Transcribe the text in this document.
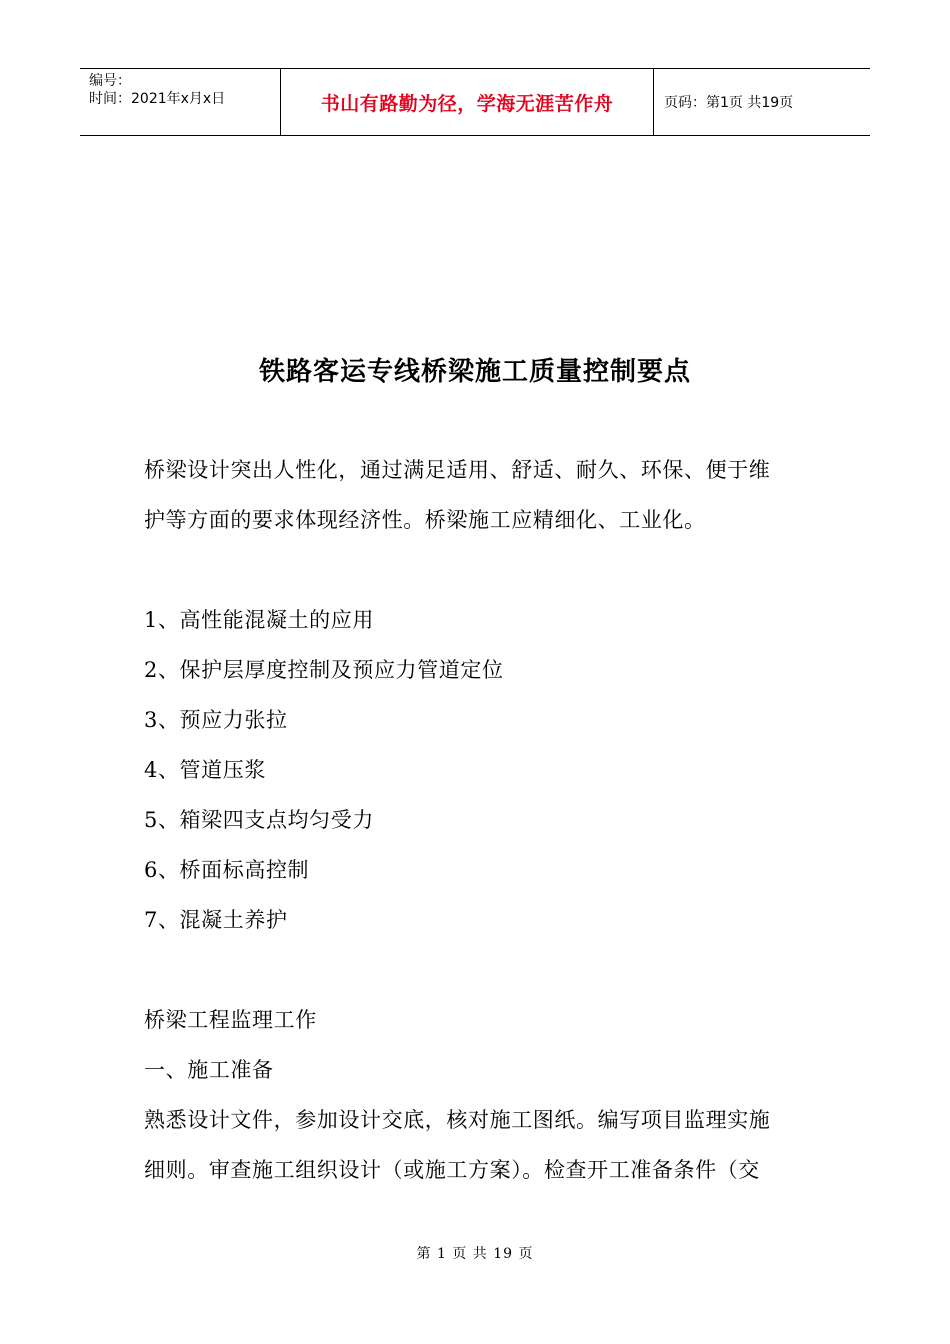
编号：
时间：2021年x月x日	书山有路勤为径，学海无涯苦作舟	页码：第1页 共19页
铁路客运专线桥梁施工质量控制要点
桥梁设计突出人性化，通过满足适用、舒适、耐久、环保、便于维
护等方面的要求体现经济性。桥梁施工应精细化、工业化。
1、高性能混凝土的应用
2、保护层厚度控制及预应力管道定位
3、预应力张拉
4、管道压浆
5、箱梁四支点均匀受力
6、桥面标高控制
7、混凝土养护
桥梁工程监理工作
一、施工准备
熟悉设计文件，参加设计交底，核对施工图纸。编写项目监理实施
细则。审查施工组织设计（或施工方案）。检查开工准备条件（交
第 1 页 共 19 页
